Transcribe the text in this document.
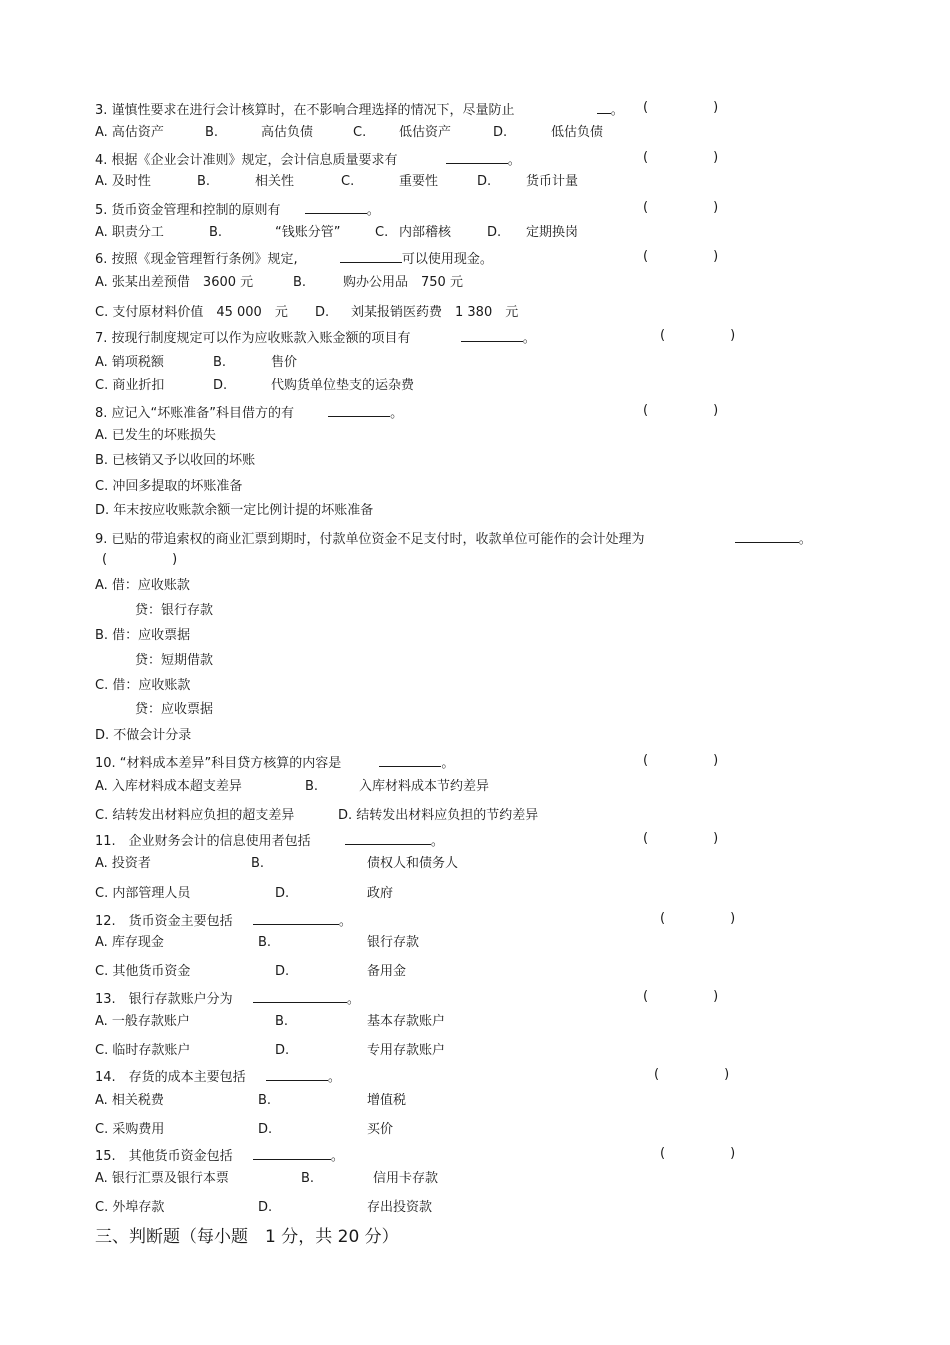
3. 谨慎性要求在进行会计核算时，在不影响合理选择的情况下，尽量防止	。 (　　　　　)
A. 高估资产	B.	高估负债	C.	低估资产	D.	低估负债
4. 根据《企业会计准则》规定，会计信息质量要求有	。	(　　　　　)
A. 及时性	B.	相关性	C.	重要性	D.	货币计量
5. 货币资金管理和控制的原则有	。	(　　　　　)
A. 职责分工	B.	“钱账分管”	C. 内部稽核	D. 定期换岗
6. 按照《现金管理暂行条例》规定,	可以使用现金。	(　　　　　)
A. 张某出差预借　3600 元	B.	购办公用品　750 元
C. 支付原材料价值　45 000　元 D. 刘某报销医药费　1 380　元
7. 按现行制度规定可以作为应收账款入账金额的项目有	。	(　　　　　)
A. 销项税额	B.	售价
C. 商业折扣	D.	代购货单位垫支的运杂费
8. 应记入“坏账准备”科目借方的有	。	(　　　　　)
A. 已发生的坏账损失
B. 已核销又予以收回的坏账
C. 冲回多提取的坏账准备
D. 年末按应收账款余额一定比例计提的坏账准备
9. 已贴的带追索权的商业汇票到期时，付款单位资金不足支付时，收款单位可能作的会计处理为	。
(　　　　　)
A. 借：应收账款
贷：银行存款
B. 借：应收票据
贷：短期借款
C. 借：应收账款
贷：应收票据
D. 不做会计分录
10. “材料成本差异”科目贷方核算的内容是	。	(　　　　　)
A. 入库材料成本超支差异	B.	入库材料成本节约差异
C. 结转发出材料应负担的超支差异	D. 结转发出材料应负担的节约差异
11.　企业财务会计的信息使用者包括	。	(　　　　　)
A. 投资者	B.	债权人和债务人
C. 内部管理人员	D.	政府
12.　货币资金主要包括	。	(　　　　　)
A. 库存现金	B.	银行存款
C. 其他货币资金	D.	备用金
13.　银行存款账户分为	。	(　　　　　)
A. 一般存款账户	B.	基本存款账户
C. 临时存款账户	D.	专用存款账户
14.　存货的成本主要包括	。	(　　　　　)
A. 相关税费	B.	增值税
C. 采购费用	D.	买价
15.　其他货币资金包括	。	(　　　　　)
A. 银行汇票及银行本票	B.	信用卡存款
C. 外埠存款	D.	存出投资款
三、判断题（每小题　1 分，共 20 分）
